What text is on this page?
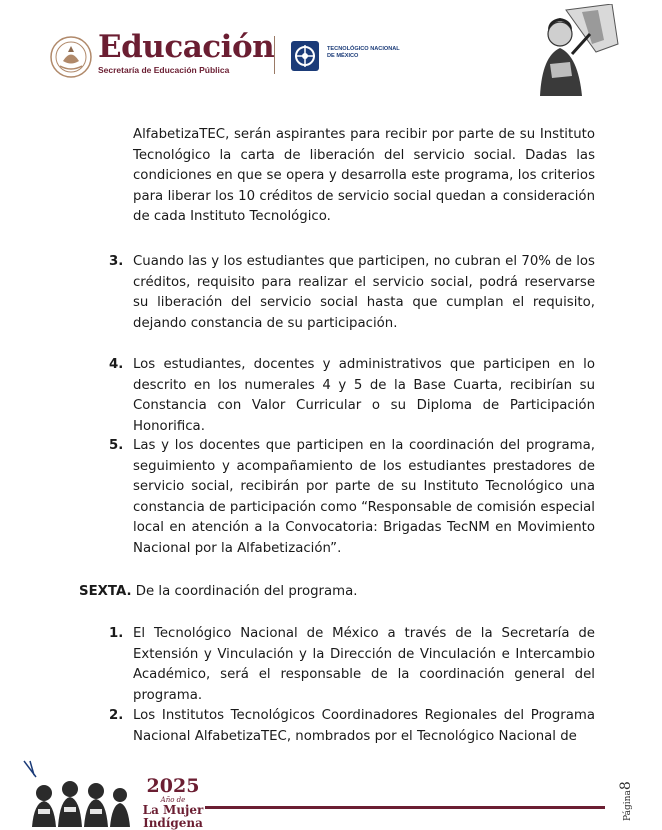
Educación
Secretaría de Educación Pública
TECNOLÓGICO NACIONAL DE MÉXICO

AlfabetizaTEC, serán aspirantes para recibir por parte de su Instituto Tecnológico la carta de liberación del servicio social. Dadas las condiciones en que se opera y desarrolla este programa, los criterios para liberar los 10 créditos de servicio social quedan a consideración de cada Instituto Tecnológico.

3. Cuando las y los estudiantes que participen, no cubran el 70% de los créditos, requisito para realizar el servicio social, podrá reservarse su liberación del servicio social hasta que cumplan el requisito, dejando constancia de su participación.

4. Los estudiantes, docentes y administrativos que participen en lo descrito en los numerales 4 y 5 de la Base Cuarta, recibirían su Constancia con Valor Curricular o su Diploma de Participación Honorifica.

5. Las y los docentes que participen en la coordinación del programa, seguimiento y acompañamiento de los estudiantes prestadores de servicio social, recibirán por parte de su Instituto Tecnológico una constancia de participación como “Responsable de comisión especial local en atención a la Convocatoria: Brigadas TecNM en Movimiento Nacional por la Alfabetización”.

SEXTA. De la coordinación del programa.
1. El Tecnológico Nacional de México a través de la Secretaría de Extensión y Vinculación y la Dirección de Vinculación e Intercambio Académico, será el responsable de la coordinación general del programa.

2. Los Institutos Tecnológicos Coordinadores Regionales del Programa Nacional AlfabetizaTEC, nombrados por el Tecnológico Nacional de

2025
Año de
La Mujer
Indígena
Página8
